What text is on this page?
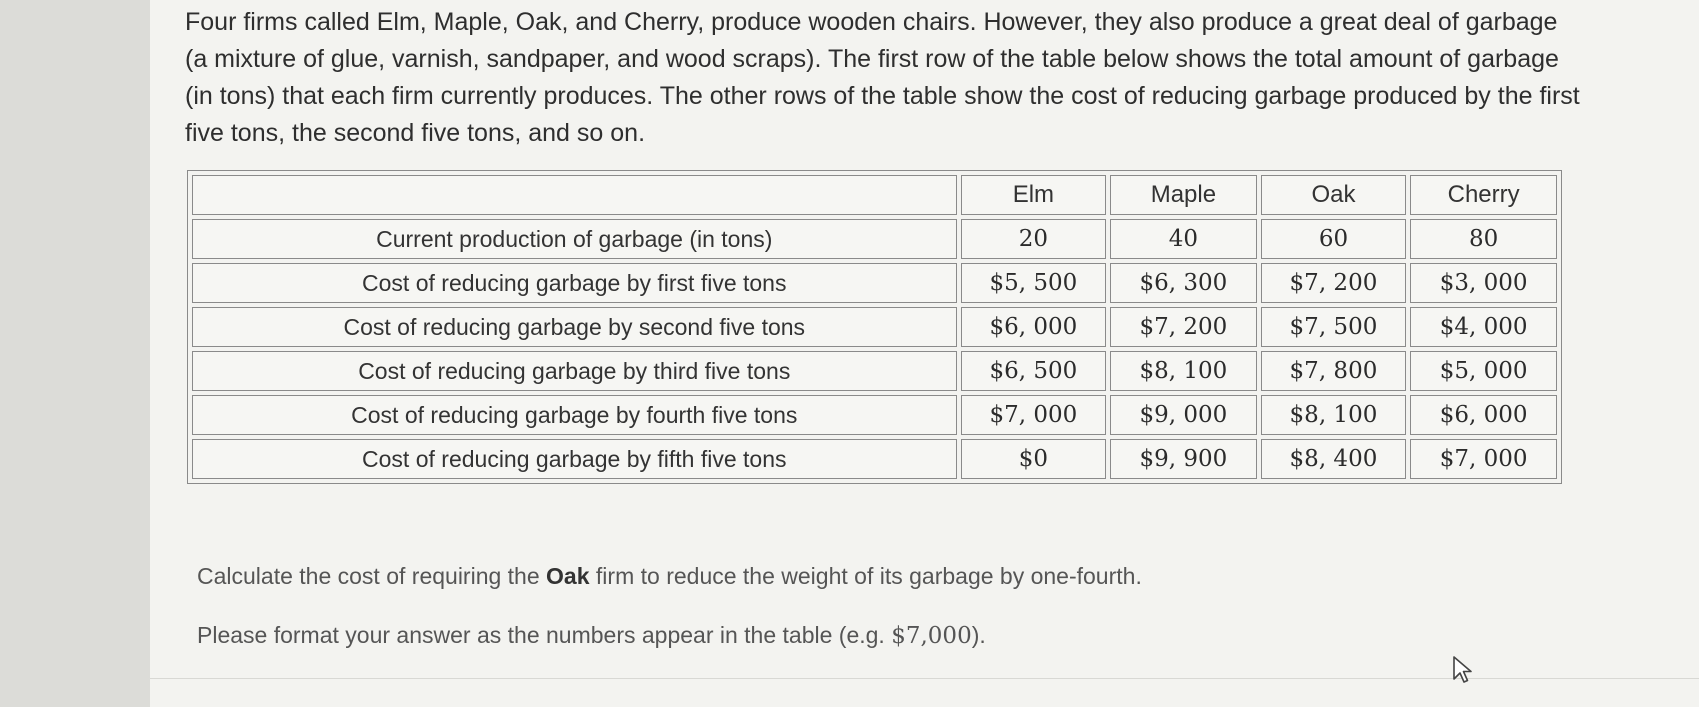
Four firms called Elm, Maple, Oak, and Cherry, produce wooden chairs. However, they also produce a great deal of garbage (a mixture of glue, varnish, sandpaper, and wood scraps). The first row of the table below shows the total amount of garbage (in tons) that each firm currently produces. The other rows of the table show the cost of reducing garbage produced by the first five tons, the second five tons, and so on.

	Elm	Maple	Oak	Cherry
Current production of garbage (in tons)	20	40	60	80
Cost of reducing garbage by first five tons	$5, 500	$6, 300	$7, 200	$3, 000
Cost of reducing garbage by second five tons	$6, 000	$7, 200	$7, 500	$4, 000
Cost of reducing garbage by third five tons	$6, 500	$8, 100	$7, 800	$5, 000
Cost of reducing garbage by fourth five tons	$7, 000	$9, 000	$8, 100	$6, 000
Cost of reducing garbage by fifth five tons	$0	$9, 900	$8, 400	$7, 000

Calculate the cost of requiring the Oak firm to reduce the weight of its garbage by one-fourth.

Please format your answer as the numbers appear in the table (e.g. $7,000).
